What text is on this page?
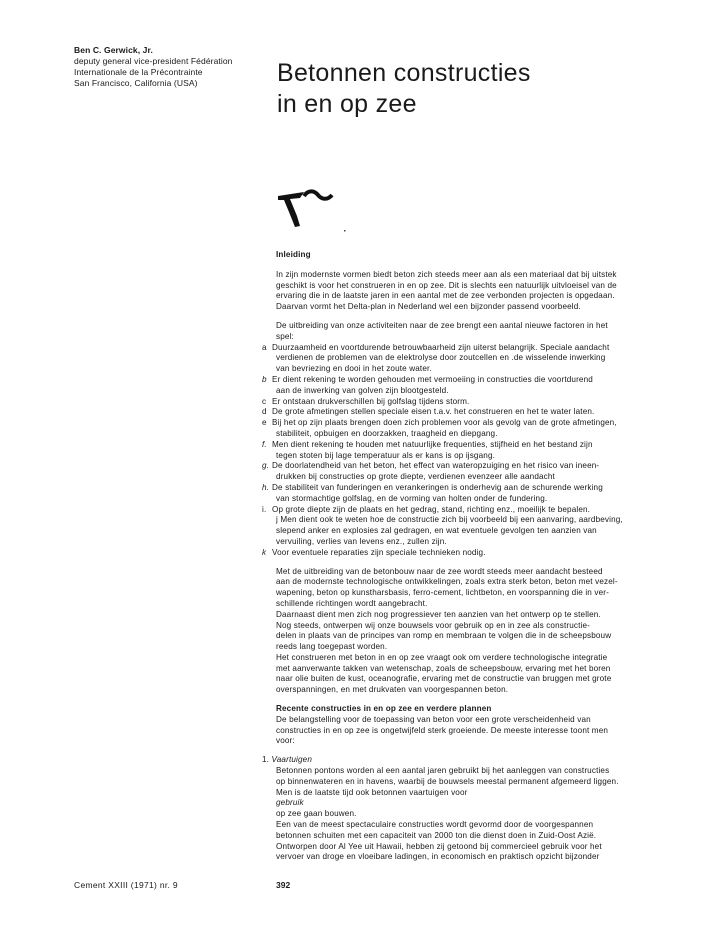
Ben C. Gerwick, Jr.
deputy general vice-president Fédération
Internationale de la Précontrainte
San Francisco, California (USA)	Betonnen constructies
in en op zee
Inleiding
In zijn modernste vormen biedt beton zich steeds meer aan als een materiaal dat bij uitstek
geschikt is voor het construeren in en op zee. Dit is slechts een natuurlijk uitvloeisel van de
ervaring die in de laatste jaren in een aantal met de zee verbonden projecten is opgedaan.
Daarvan vormt het Delta-plan in Nederland wel een bijzonder passend voorbeeld.
De uitbreiding van onze activiteiten naar de zee brengt een aantal nieuwe factoren in het
spel:
a Duurzaamheid en voortdurende betrouwbaarheid zijn uiterst belangrijk. Speciale aandacht
verdienen de problemen van de elektrolyse door zoutcellen en .de wisselende inwerking
van bevriezing en dooi in het zoute water.
b Er dient rekening te worden gehouden met vermoeiing in constructies die voortdurend
aan de inwerking van golven zijn blootgesteld.
c Er ontstaan drukverschillen bij golfslag tijdens storm.
d De grote afmetingen stellen speciale eisen t.a.v. het construeren en het te water laten.
e Bij het op zijn plaats brengen doen zich problemen voor als gevolg van de grote afmetingen,
stabiliteit, opbuigen en doorzakken, traagheid en diepgang.
f. Men dient rekening te houden met natuurlijke frequenties, stijfheid en het bestand zijn
tegen stoten bij lage temperatuur als er kans is op ijsgang.
g. De doorlatendheid van het beton, het effect van wateropzuiging en het risico van ineen-
drukken bij constructies op grote diepte, verdienen evenzeer alle aandacht
h. De stabiliteit van funderingen en verankeringen is onderhevig aan de schurende werking
van stormachtige golfslag, en de vorming van holten onder de fundering.
i. Op grote diepte zijn de plaats en het gedrag, stand, richting enz., moeilijk te bepalen.
j Men dient ook te weten hoe de constructie zich bij voorbeeld bij een aanvaring, aardbeving,
slepend anker en explosies zal gedragen, en wat eventuele gevolgen ten aanzien van
vervuiling, verlies van levens enz., zullen zijn.
k Voor eventuele reparaties zijn speciale technieken nodig.
Met de uitbreiding van de betonbouw naar de zee wordt steeds meer aandacht besteed
aan de modernste technologische ontwikkelingen, zoals extra sterk beton, beton met vezel-
wapening, beton op kunstharsbasis, ferro-cement, lichtbeton, en voorspanning die in ver-
schillende richtingen wordt aangebracht.
Daarnaast dient men zich nog progressiever ten aanzien van het ontwerp op te stellen.
Nog steeds, ontwerpen wij onze bouwsels voor gebruik op en in zee als constructie-
delen in plaats van de principes van romp en membraan te volgen die in de scheepsbouw
reeds lang toegepast worden.
Het construeren met beton in en op zee vraagt ook om verdere technologische integratie
met aanverwante takken van wetenschap, zoals de scheepsbouw, ervaring met het boren
naar olie buiten de kust, oceanografie, ervaring met de constructie van bruggen met grote
overspanningen, en met drukvaten van voorgespannen beton.
Recente constructies in en op zee en verdere plannen
De belangstelling voor de toepassing van beton voor een grote verscheidenheid van
constructies in en op zee is ongetwijfeld sterk groeiende. De meeste interesse toont men
voor:
1. Vaartuigen
Betonnen pontons worden al een aantal jaren gebruikt bij het aanleggen van constructies
op binnenwateren en in havens, waarbij de bouwsels meestal permanent afgemeerd liggen.
Men is de laatste tijd ook betonnen vaartuigen voor
gebruik
op zee gaan bouwen.
Een van de meest spectaculaire constructies wordt gevormd door de voorgespannen
betonnen schuiten met een capaciteit van 2000 ton die dienst doen in Zuid-Oost Azië.
Ontworpen door Al Yee uit Hawaii, hebben zij getoond bij commercieel gebruik voor het
vervoer van droge en vloeibare ladingen, in economisch en praktisch opzicht bijzonder
Cement XXIII (1971) nr. 9	392
